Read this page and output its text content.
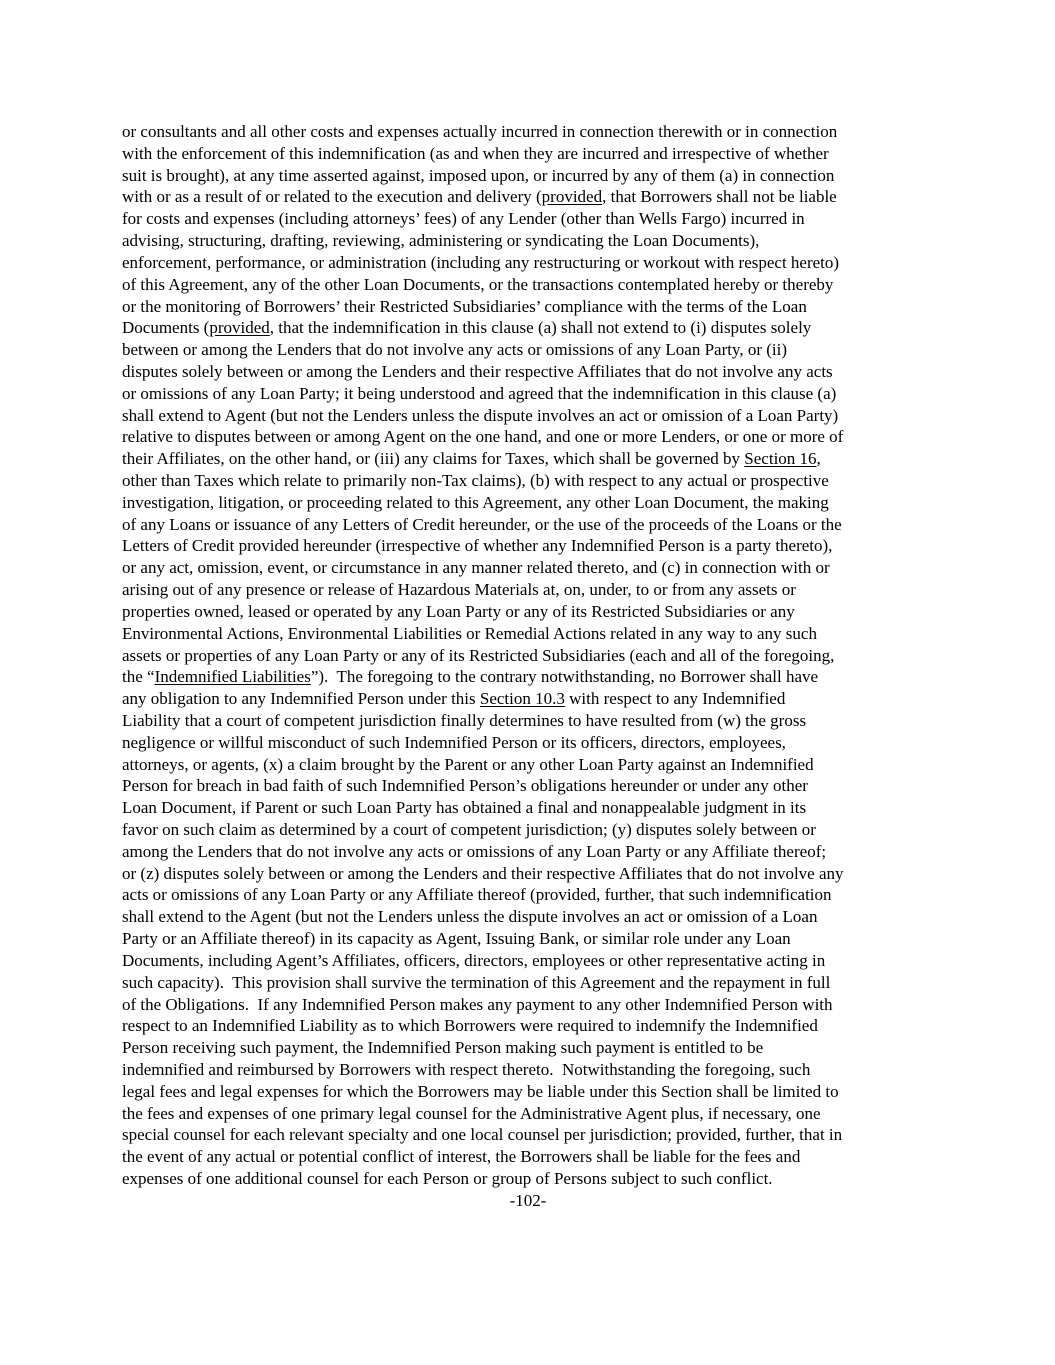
or consultants and all other costs and expenses actually incurred in connection therewith or in connection
with the enforcement of this indemnification (as and when they are incurred and irrespective of whether
suit is brought), at any time asserted against, imposed upon, or incurred by any of them (a) in connection
with or as a result of or related to the execution and delivery (provided, that Borrowers shall not be liable
for costs and expenses (including attorneys’ fees) of any Lender (other than Wells Fargo) incurred in
advising, structuring, drafting, reviewing, administering or syndicating the Loan Documents),
enforcement, performance, or administration (including any restructuring or workout with respect hereto)
of this Agreement, any of the other Loan Documents, or the transactions contemplated hereby or thereby
or the monitoring of Borrowers’ their Restricted Subsidiaries’ compliance with the terms of the Loan
Documents (provided, that the indemnification in this clause (a) shall not extend to (i) disputes solely
between or among the Lenders that do not involve any acts or omissions of any Loan Party, or (ii)
disputes solely between or among the Lenders and their respective Affiliates that do not involve any acts
or omissions of any Loan Party; it being understood and agreed that the indemnification in this clause (a)
shall extend to Agent (but not the Lenders unless the dispute involves an act or omission of a Loan Party)
relative to disputes between or among Agent on the one hand, and one or more Lenders, or one or more of
their Affiliates, on the other hand, or (iii) any claims for Taxes, which shall be governed by Section 16,
other than Taxes which relate to primarily non-Tax claims), (b) with respect to any actual or prospective
investigation, litigation, or proceeding related to this Agreement, any other Loan Document, the making
of any Loans or issuance of any Letters of Credit hereunder, or the use of the proceeds of the Loans or the
Letters of Credit provided hereunder (irrespective of whether any Indemnified Person is a party thereto),
or any act, omission, event, or circumstance in any manner related thereto, and (c) in connection with or
arising out of any presence or release of Hazardous Materials at, on, under, to or from any assets or
properties owned, leased or operated by any Loan Party or any of its Restricted Subsidiaries or any
Environmental Actions, Environmental Liabilities or Remedial Actions related in any way to any such
assets or properties of any Loan Party or any of its Restricted Subsidiaries (each and all of the foregoing,
the “Indemnified Liabilities”).  The foregoing to the contrary notwithstanding, no Borrower shall have
any obligation to any Indemnified Person under this Section 10.3 with respect to any Indemnified
Liability that a court of competent jurisdiction finally determines to have resulted from (w) the gross
negligence or willful misconduct of such Indemnified Person or its officers, directors, employees,
attorneys, or agents, (x) a claim brought by the Parent or any other Loan Party against an Indemnified
Person for breach in bad faith of such Indemnified Person’s obligations hereunder or under any other
Loan Document, if Parent or such Loan Party has obtained a final and nonappealable judgment in its
favor on such claim as determined by a court of competent jurisdiction; (y) disputes solely between or
among the Lenders that do not involve any acts or omissions of any Loan Party or any Affiliate thereof;
or (z) disputes solely between or among the Lenders and their respective Affiliates that do not involve any
acts or omissions of any Loan Party or any Affiliate thereof (provided, further, that such indemnification
shall extend to the Agent (but not the Lenders unless the dispute involves an act or omission of a Loan
Party or an Affiliate thereof) in its capacity as Agent, Issuing Bank, or similar role under any Loan
Documents, including Agent’s Affiliates, officers, directors, employees or other representative acting in
such capacity).  This provision shall survive the termination of this Agreement and the repayment in full
of the Obligations.  If any Indemnified Person makes any payment to any other Indemnified Person with
respect to an Indemnified Liability as to which Borrowers were required to indemnify the Indemnified
Person receiving such payment, the Indemnified Person making such payment is entitled to be
indemnified and reimbursed by Borrowers with respect thereto.  Notwithstanding the foregoing, such
legal fees and legal expenses for which the Borrowers may be liable under this Section shall be limited to
the fees and expenses of one primary legal counsel for the Administrative Agent plus, if necessary, one
special counsel for each relevant specialty and one local counsel per jurisdiction; provided, further, that in
the event of any actual or potential conflict of interest, the Borrowers shall be liable for the fees and
expenses of one additional counsel for each Person or group of Persons subject to such conflict.
-102-
